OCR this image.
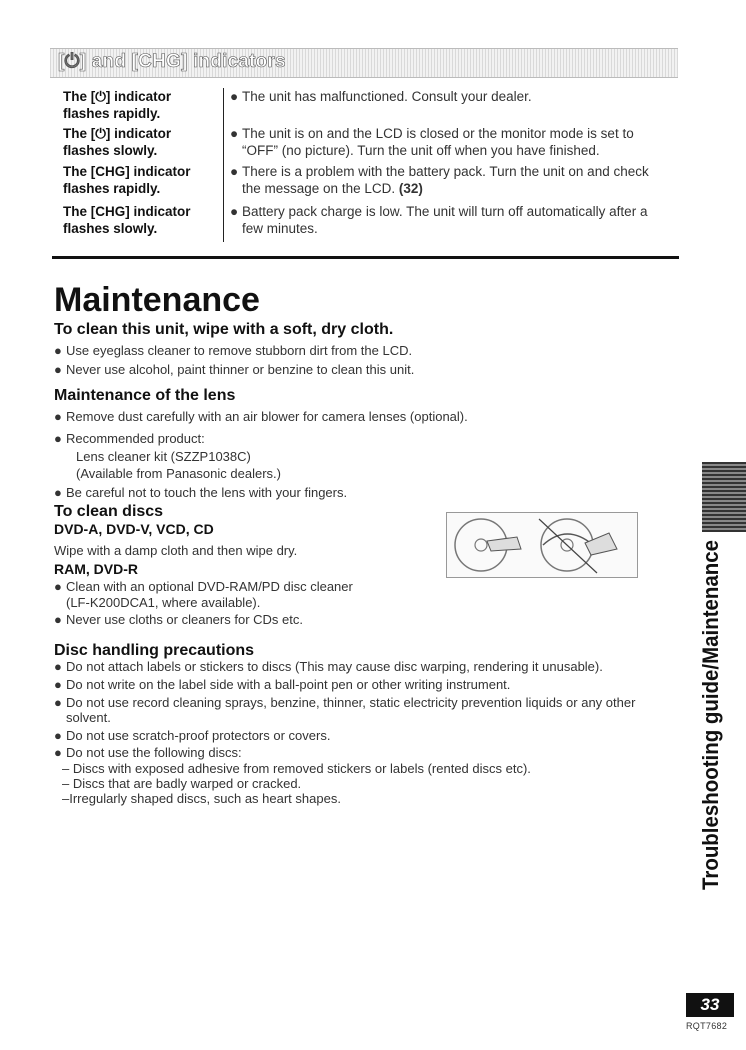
[⏻] and [CHG] indicators
The [⏻] indicator
flashes rapidly.
● The unit has malfunctioned. Consult your dealer.
The [⏻] indicator
flashes slowly.
● The unit is on and the LCD is closed or the monitor mode is set to
“OFF” (no picture). Turn the unit off when you have finished.
The [CHG] indicator
flashes rapidly.
● There is a problem with the battery pack. Turn the unit on and check
the message on the LCD. (32)
The [CHG] indicator
flashes slowly.
● Battery pack charge is low. The unit will turn off automatically after a
few minutes.
Maintenance
To clean this unit, wipe with a soft, dry cloth.
● Use eyeglass cleaner to remove stubborn dirt from the LCD.
● Never use alcohol, paint thinner or benzine to clean this unit.
Maintenance of the lens
● Remove dust carefully with an air blower for camera lenses (optional).
● Recommended product:
Lens cleaner kit (SZZP1038C)
(Available from Panasonic dealers.)
● Be careful not to touch the lens with your fingers.
To clean discs
DVD-A, DVD-V, VCD, CD
Wipe with a damp cloth and then wipe dry.
RAM, DVD-R
● Clean with an optional DVD-RAM/PD disc cleaner
(LF-K200DCA1, where available).
● Never use cloths or cleaners for CDs etc.
Disc handling precautions
● Do not attach labels or stickers to discs (This may cause disc warping, rendering it unusable).
● Do not write on the label side with a ball-point pen or other writing instrument.
● Do not use record cleaning sprays, benzine, thinner, static electricity prevention liquids or any other
solvent.
● Do not use scratch-proof protectors or covers.
● Do not use the following discs:
– Discs with exposed adhesive from removed stickers or labels (rented discs etc).
– Discs that are badly warped or cracked.
–Irregularly shaped discs, such as heart shapes.	Troubleshooting guide/Maintenance
33
RQT7682
